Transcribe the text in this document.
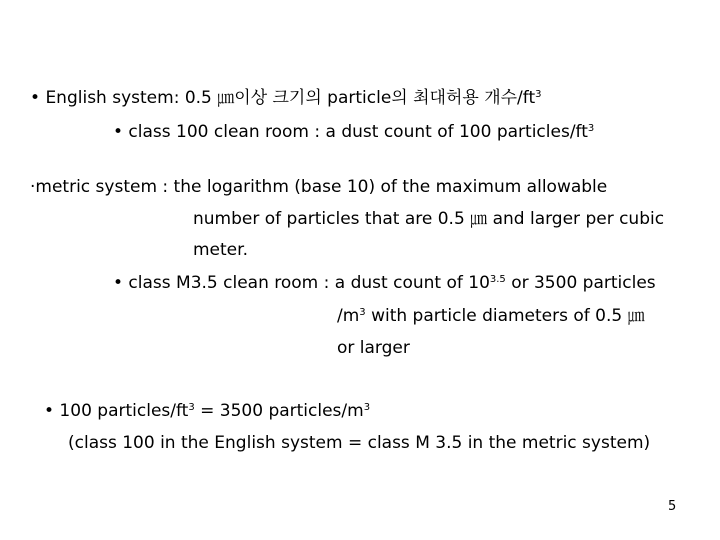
• English system: 0.5 ㎛이상 크기의 particle의 최대허용 개수$/ft^3$
• class 100 clean room : a dust count of 100 particles/$ft^3$
·metric system : the logarithm (base 10) of the maximum allowable
number of particles that are 0.5 ㎛ and larger per cubic
meter.
• class M3.5 clean room : a dust count of $10^{3.5}$ or 3500 particles
$/m^3$ with particle diameters of 0.5 ㎛
or larger
• 100 particles/$ft^3 = 3500$ particles/$m^3$
(class 100 in the English system = class M 3.5 in the metric system)
5
